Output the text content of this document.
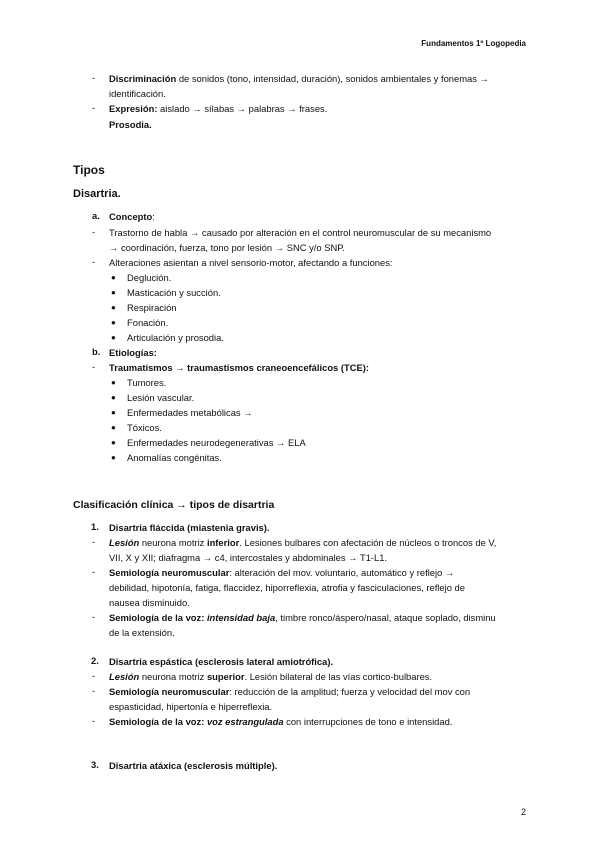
Fundamentos 1º Logopedia
-	Discriminación de sonidos (tono, intensidad, duración), sonidos ambientales y fonemas →
identificación.
-	Expresión: aislado → sílabas → palabras → frases.
Prosodia.
Tipos
Disartria.
a. Concepto:
-	Trastorno de habla → causado por alteración en el control neuromuscular de su mecanismo
→ coordinación, fuerza, tono por lesión → SNC y/o SNP.
-	Alteraciones asientan a nivel sensorio-motor, afectando a funciones:
●	Deglución.
●	Masticación y succión.
●	Respiración
●	Fonación.
●	Articulación y prosodia.
b. Etiologías:
-	Traumatismos → traumastismos craneoencefálicos (TCE):
●	Tumores.
●	Lesión vascular.
●	Enfermedades metabólicas →
●	Tóxicos.
●	Enfermedades neurodegenerativas → ELA
●	Anomalías congénitas.
Clasificación clínica → tipos de disartria
1. Disartria fláccida (miastenia gravis).
-	Lesión neurona motriz inferior. Lesiones bulbares con afectación de núcleos o troncos de V,
VII, X y XII; diafragma → c4, intercostales y abdominales → T1-L1.
-	Semiología neuromuscular: alteración del mov. voluntario, automático y reflejo →
debilidad, hipotonía, fatiga, flaccidez, hiporreflexia, atrofia y fasciculaciones, reflejo de
nausea disminuido.
-	Semiología de la voz: intensidad baja, timbre ronco/áspero/nasal, ataque soplado, disminu
de la extensión.
2. Disartria espástica (esclerosis lateral amiotrófica).
-	Lesión neurona motriz superior. Lesión bilateral de las vías cortico-bulbares.
-	Semiología neuromuscular: reducción de la amplitud; fuerza y velocidad del mov con
espasticidad, hipertonía e hiperreflexia.
-	Semiología de la voz: voz estrangulada con interrupciones de tono e intensidad.
3. Disartria atáxica (esclerosis múltiple).
2
